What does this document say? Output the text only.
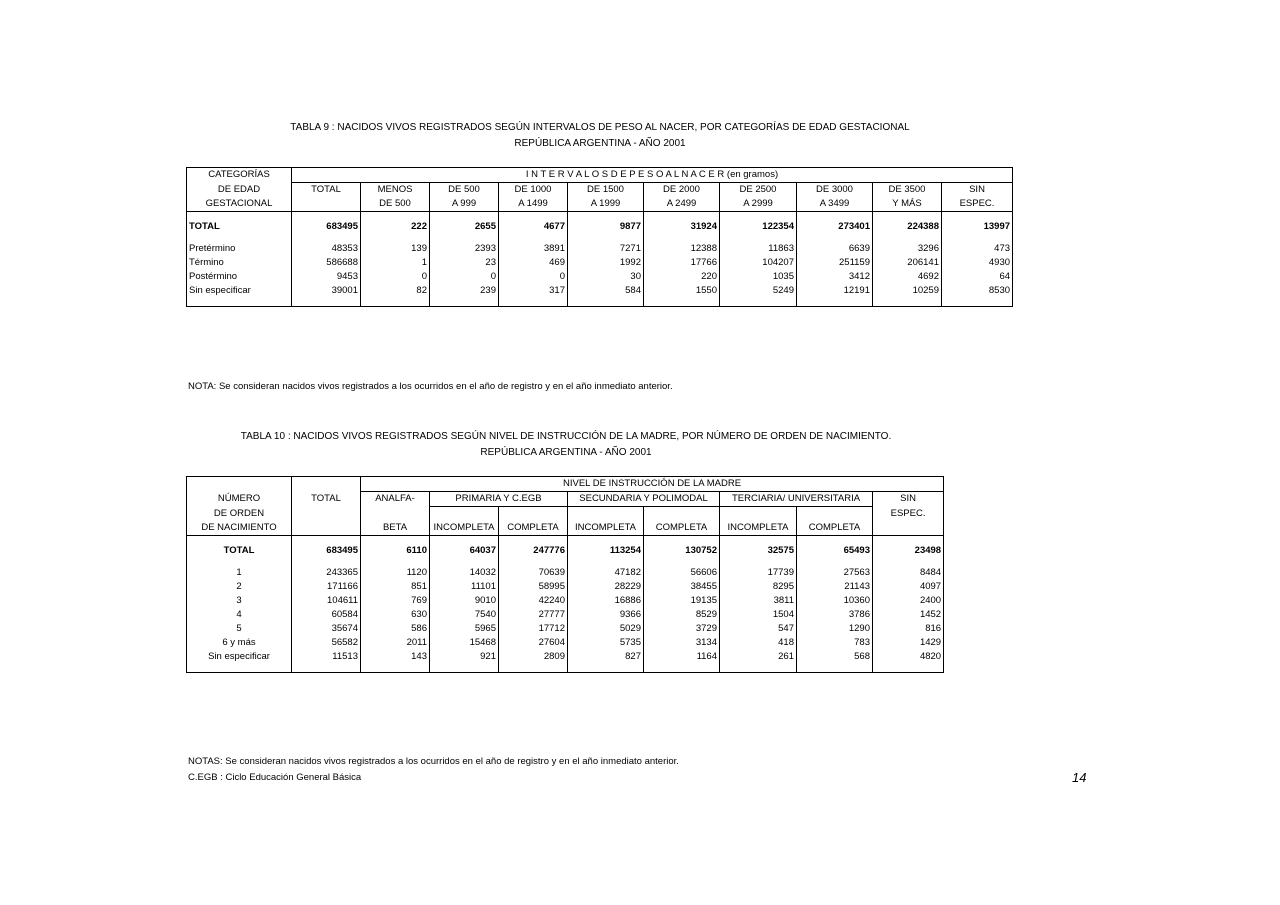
TABLA 9 : NACIDOS VIVOS REGISTRADOS SEGÚN INTERVALOS DE PESO AL NACER, POR CATEGORÍAS DE EDAD GESTACIONAL
REPÚBLICA ARGENTINA - AÑO 2001
CATEGORÍAS	I N T E R V A L O S D E P E S O A L N A C E R (en gramos)									
DE EDAD	TOTAL	MENOS	DE 500	DE 1000	DE 1500	DE 2000	DE 2500	DE 3000	DE 3500	SIN
GESTACIONAL		DE 500	A 999	A 1499	A 1999	A 2499	A 2999	A 3499	Y MÁS	ESPEC.

TOTAL	683495	222	2655	4677	9877	31924	122354	273401	224388	13997

Pretérmino	48353	139	2393	3891	7271	12388	11863	6639	3296	473
Término	586688	1	23	469	1992	17766	104207	251159	206141	4930
Postérmino	9453	0	0	0	30	220	1035	3412	4692	64
Sin especificar	39001	82	239	317	584	1550	5249	12191	10259	8530

NOTA: Se consideran nacidos vivos registrados a los ocurridos en el año de registro y en el año inmediato anterior.
TABLA 10 : NACIDOS VIVOS REGISTRADOS SEGÚN NIVEL DE INSTRUCCIÓN DE LA MADRE, POR NÚMERO DE ORDEN DE NACIMIENTO.
REPÚBLICA ARGENTINA - AÑO 2001
		NIVEL DE INSTRUCCIÓN DE LA MADRE							
NÚMERO	TOTAL	ANALFA-	PRIMARIA Y C.EGB		SECUNDARIA Y POLIMODAL		TERCIARIA/ UNIVERSITARIA		SIN
DE ORDEN									ESPEC.
DE NACIMIENTO		BETA	INCOMPLETA	COMPLETA	INCOMPLETA	COMPLETA	INCOMPLETA	COMPLETA	

TOTAL	683495	6110	64037	247776	113254	130752	32575	65493	23498

1	243365	1120	14032	70639	47182	56606	17739	27563	8484
2	171166	851	11101	58995	28229	38455	8295	21143	4097
3	104611	769	9010	42240	16886	19135	3811	10360	2400
4	60584	630	7540	27777	9366	8529	1504	3786	1452
5	35674	586	5965	17712	5029	3729	547	1290	816
6 y más	56582	2011	15468	27604	5735	3134	418	783	1429
Sin especificar	11513	143	921	2809	827	1164	261	568	4820

NOTAS: Se consideran nacidos vivos registrados a los ocurridos en el año de registro y en el año inmediato anterior.
C.EGB : Ciclo Educación General Básica	14
